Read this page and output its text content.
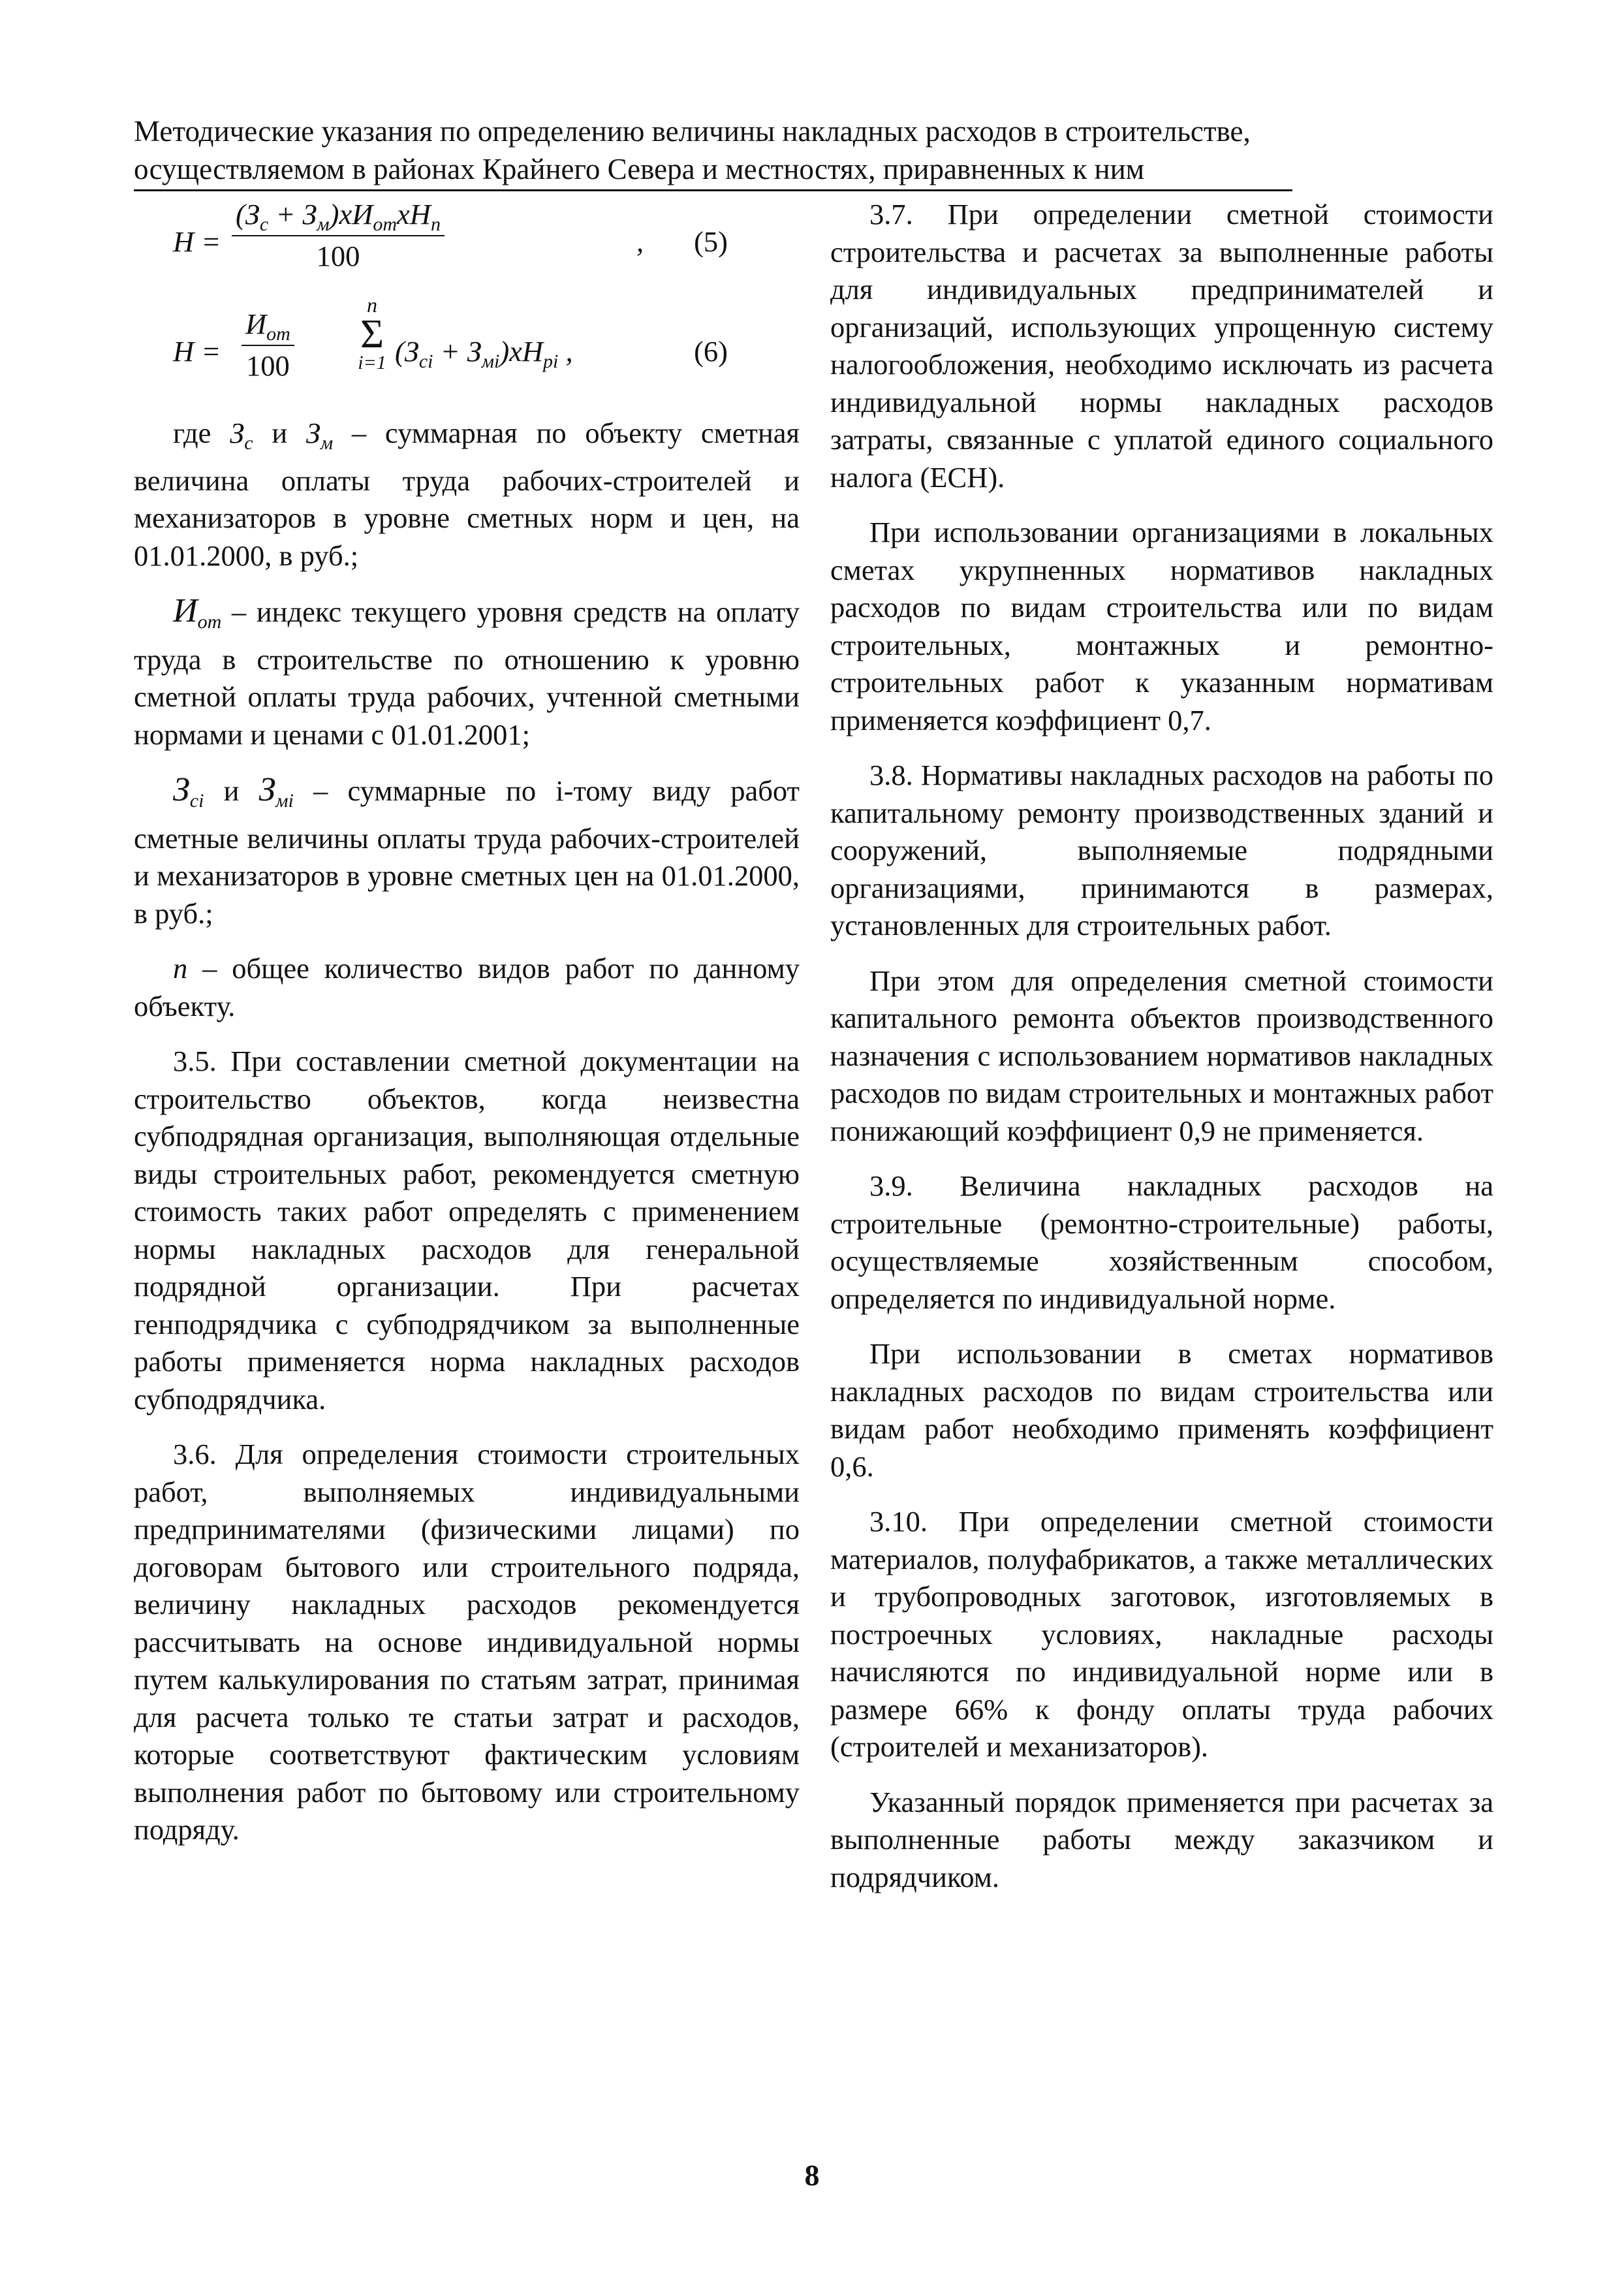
Методические указания по определению величины накладных расходов в строительстве,
осуществляемом в районах Крайнего Севера и местностях, приравненных к ним
Н =
$(З_с + З_м)хИ_{от}хН_n$
100	, (5)
Н =
$И_{от}$
100
n
Σ
i=1 $(З_{сi} + З_{мi})хН_{pi}$ ,	(6)

где $З_с$ и $З_м$ – суммарная по объекту сметная величина оплаты труда рабочих-строителей и механизаторов в уровне сметных норм и цен, на 01.01.2000, в руб.;

$И_{от}$ – индекс текущего уровня средств на оплату труда в строительстве по отношению к уровню сметной оплаты труда рабочих, учтенной сметными нормами и ценами с 01.01.2001;

$З_{сi}$ и $З_{мi}$ – суммарные по i-тому виду работ сметные величины оплаты труда рабочих-строителей и механизаторов в уровне сметных цен на 01.01.2000, в руб.;

n – общее количество видов работ по данному объекту.

3.5. При составлении сметной документации на строительство объектов, когда неизвестна субподрядная организация, выполняющая отдельные виды строительных работ, рекомендуется сметную стоимость таких работ определять с применением нормы накладных расходов для генеральной подрядной организации. При расчетах генподрядчика с субподрядчиком за выполненные работы применяется норма накладных расходов субподрядчика.

3.6. Для определения стоимости строительных работ, выполняемых индивидуальными предпринимателями (физическими лицами) по договорам бытового или строительного подряда, величину накладных расходов рекомендуется рассчитывать на основе индивидуальной нормы путем калькулирования по статьям затрат, принимая для расчета только те статьи затрат и расходов, которые соответствуют фактическим условиям выполнения работ по бытовому или строительному подряду.

3.7. При определении сметной стоимости строительства и расчетах за выполненные работы для индивидуальных предпринимателей и организаций, использующих упрощенную систему налогообложения, необходимо исключать из расчета индивидуальной нормы накладных расходов затраты, связанные с уплатой единого социального налога (ЕСН).

При использовании организациями в локальных сметах укрупненных нормативов накладных расходов по видам строительства или по видам строительных, монтажных и ремонтно-строительных работ к указанным нормативам применяется коэффициент 0,7.

3.8. Нормативы накладных расходов на работы по капитальному ремонту производственных зданий и сооружений, выполняемые подрядными организациями, принимаются в размерах, установленных для строительных работ.

При этом для определения сметной стоимости капитального ремонта объектов производственного назначения с использованием нормативов накладных расходов по видам строительных и монтажных работ понижающий коэффициент 0,9 не применяется.

3.9. Величина накладных расходов на строительные (ремонтно-строительные) работы, осуществляемые хозяйственным способом, определяется по индивидуальной норме.

При использовании в сметах нормативов накладных расходов по видам строительства или видам работ необходимо применять коэффициент 0,6.

3.10. При определении сметной стоимости материалов, полуфабрикатов, а также металлических и трубопроводных заготовок, изготовляемых в построечных условиях, накладные расходы начисляются по индивидуальной норме или в размере 66% к фонду оплаты труда рабочих (строителей и механизаторов).

Указанный порядок применяется при расчетах за выполненные работы между заказчиком и подрядчиком.

8
